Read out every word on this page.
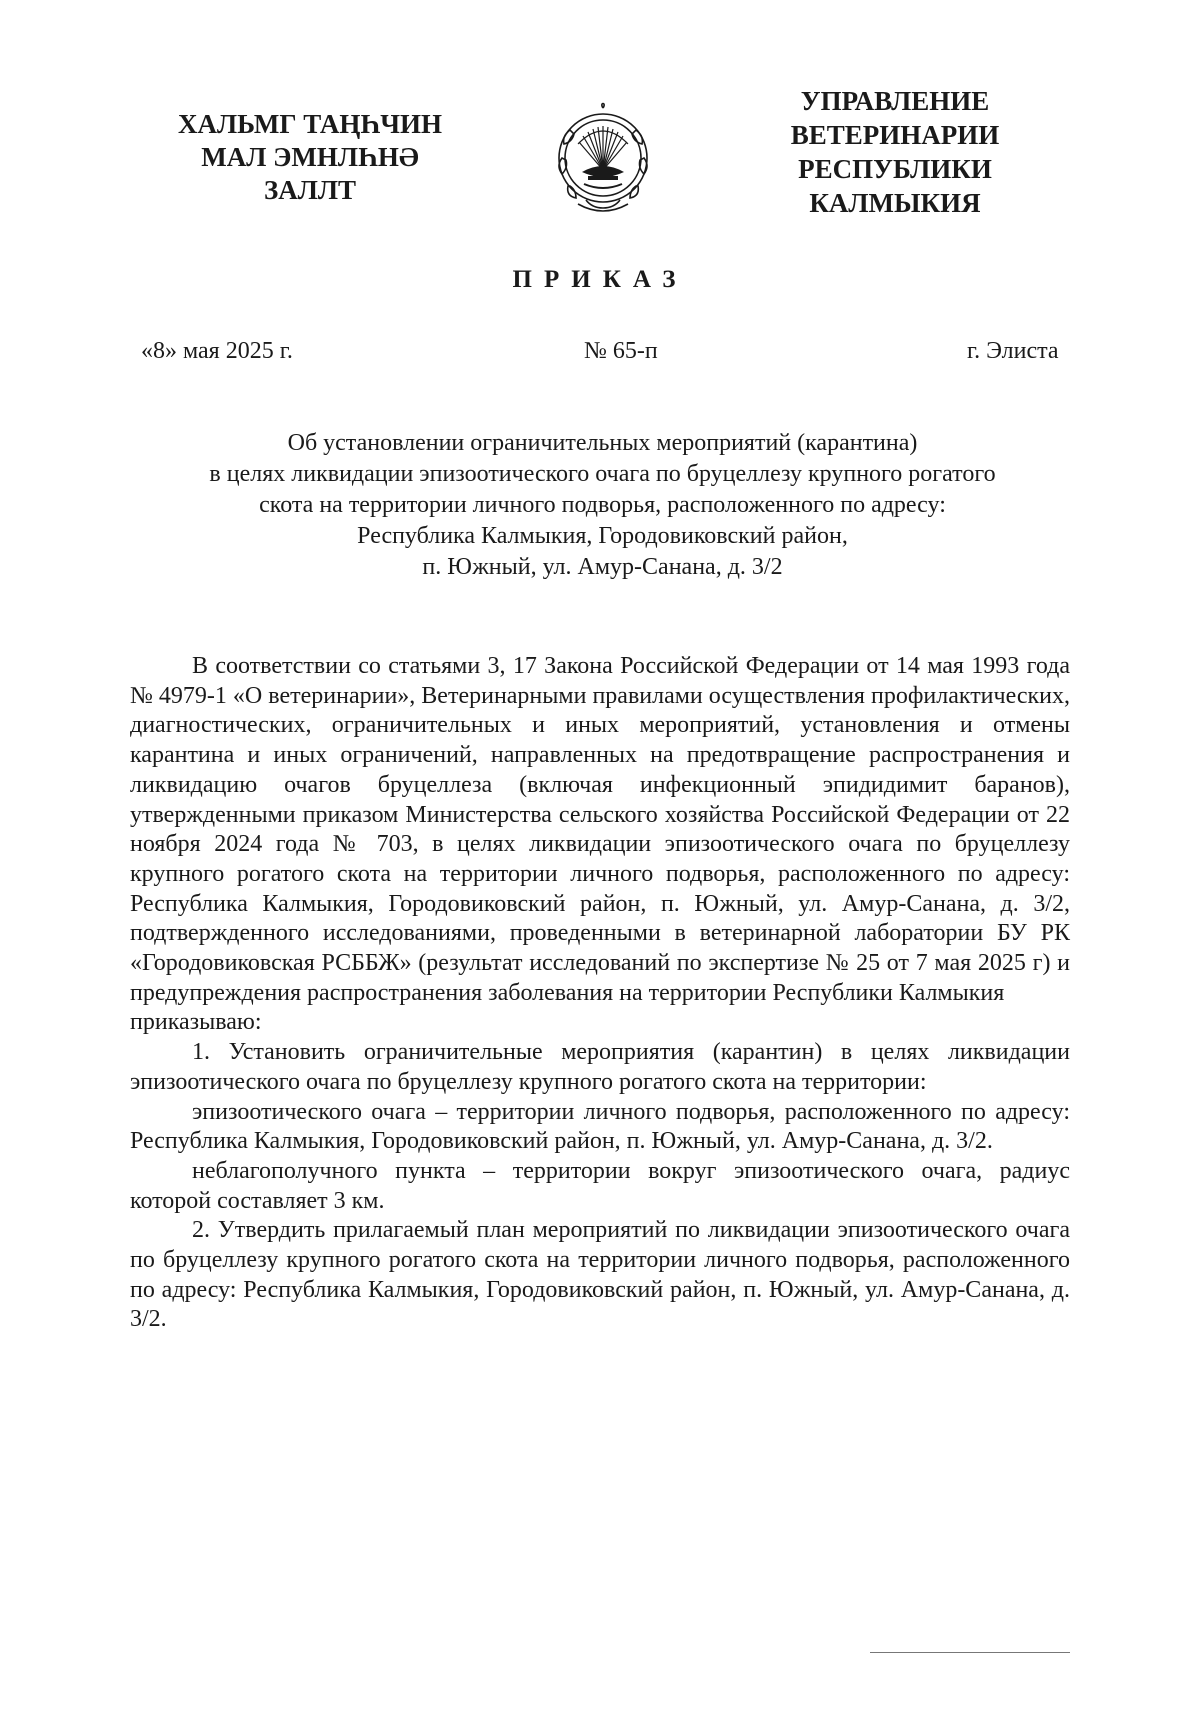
ХАЛЬМГ ТАҢҺЧИН
МАЛ ЭМНЛҺНӘ
ЗАЛЛТ
УПРАВЛЕНИЕ
ВЕТЕРИНАРИИ
РЕСПУБЛИКИ
КАЛМЫКИЯ
ПРИКАЗ
«8» мая 2025 г.	№ 65-п	г. Элиста
Об установлении ограничительных мероприятий (карантина)
в целях ликвидации эпизоотического очага по бруцеллезу крупного рогатого
скота на территории личного подворья, расположенного по адресу:
Республика Калмыкия, Городовиковский район,
п. Южный, ул. Амур-Санана, д. 3/2

В соответствии со статьями 3, 17 Закона Российской Федерации от 14 мая 1993 года № 4979-1 «О ветеринарии», Ветеринарными правилами осуществления профилактических, диагностических, ограничительных и иных мероприятий, установления и отмены карантина и иных ограничений, направленных на предотвращение распространения и ликвидацию очагов бруцеллеза (включая инфекционный эпидидимит баранов), утвержденными приказом Министерства сельского хозяйства Российской Федерации от 22 ноября 2024 года № 703, в целях ликвидации эпизоотического очага по бруцеллезу крупного рогатого скота на территории личного подворья, расположенного по адресу: Республика Калмыкия, Городовиковский район, п. Южный, ул. Амур-Санана, д. 3/2, подтвержденного исследованиями, проведенными в ветеринарной лаборатории БУ РК «Городовиковская РСББЖ» (результат исследований по экспертизе № 25 от 7 мая 2025 г) и предупреждения распространения заболевания на территории Республики Калмыкия

приказываю:

1. Установить ограничительные мероприятия (карантин) в целях ликвидации эпизоотического очага по бруцеллезу крупного рогатого скота на территории:

эпизоотического очага – территории личного подворья, расположенного по адресу: Республика Калмыкия, Городовиковский район, п. Южный, ул. Амур-Санана, д. 3/2.

неблагополучного пункта – территории вокруг эпизоотического очага, радиус которой составляет 3 км.

2. Утвердить прилагаемый план мероприятий по ликвидации эпизоотического очага по бруцеллезу крупного рогатого скота на территории личного подворья, расположенного по адресу: Республика Калмыкия, Городовиковский район, п. Южный, ул. Амур-Санана, д. 3/2.
